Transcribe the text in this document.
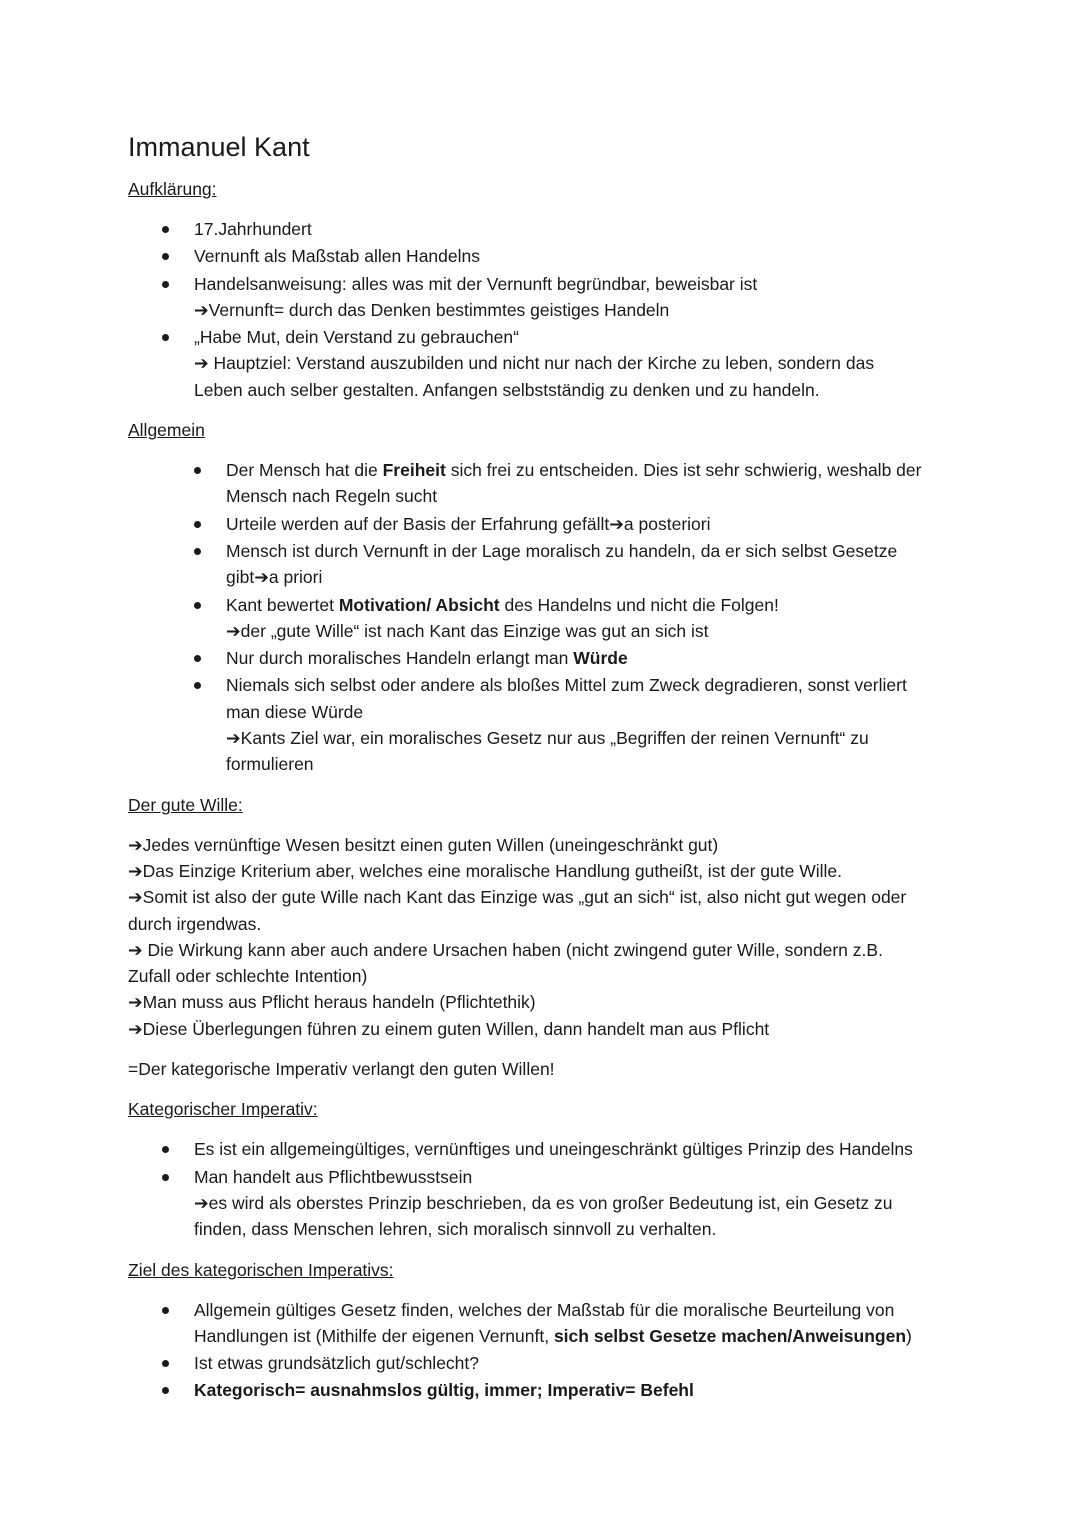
Immanuel Kant

Aufklärung:

17.Jahrhundert
Vernunft als Maßstab allen Handelns
Handelsanweisung: alles was mit der Vernunft begründbar, beweisbar ist
➔Vernunft= durch das Denken bestimmtes geistiges Handeln
„Habe Mut, dein Verstand zu gebrauchen“
➔ Hauptziel: Verstand auszubilden und nicht nur nach der Kirche zu leben, sondern das
Leben auch selber gestalten. Anfangen selbstständig zu denken und zu handeln.

Allgemein

Der Mensch hat die Freiheit sich frei zu entscheiden. Dies ist sehr schwierig, weshalb der
Mensch nach Regeln sucht
Urteile werden auf der Basis der Erfahrung gefällt➔a posteriori
Mensch ist durch Vernunft in der Lage moralisch zu handeln, da er sich selbst Gesetze
gibt➔a priori
Kant bewertet Motivation/ Absicht des Handelns und nicht die Folgen!
➔der „gute Wille“ ist nach Kant das Einzige was gut an sich ist
Nur durch moralisches Handeln erlangt man Würde
Niemals sich selbst oder andere als bloßes Mittel zum Zweck degradieren, sonst verliert
man diese Würde
➔Kants Ziel war, ein moralisches Gesetz nur aus „Begriffen der reinen Vernunft“ zu
formulieren

Der gute Wille:

➔Jedes vernünftige Wesen besitzt einen guten Willen (uneingeschränkt gut)

➔Das Einzige Kriterium aber, welches eine moralische Handlung gutheißt, ist der gute Wille.

➔Somit ist also der gute Wille nach Kant das Einzige was „gut an sich“ ist, also nicht gut wegen oder

durch irgendwas.

➔ Die Wirkung kann aber auch andere Ursachen haben (nicht zwingend guter Wille, sondern z.B.

Zufall oder schlechte Intention)

➔Man muss aus Pflicht heraus handeln (Pflichtethik)

➔Diese Überlegungen führen zu einem guten Willen, dann handelt man aus Pflicht

=Der kategorische Imperativ verlangt den guten Willen!

Kategorischer Imperativ:

Es ist ein allgemeingültiges, vernünftiges und uneingeschränkt gültiges Prinzip des Handelns
Man handelt aus Pflichtbewusstsein
➔es wird als oberstes Prinzip beschrieben, da es von großer Bedeutung ist, ein Gesetz zu
finden, dass Menschen lehren, sich moralisch sinnvoll zu verhalten.

Ziel des kategorischen Imperativs:

Allgemein gültiges Gesetz finden, welches der Maßstab für die moralische Beurteilung von
Handlungen ist (Mithilfe der eigenen Vernunft, sich selbst Gesetze machen/Anweisungen)
Ist etwas grundsätzlich gut/schlecht?
Kategorisch= ausnahmslos gültig, immer; Imperativ= Befehl
